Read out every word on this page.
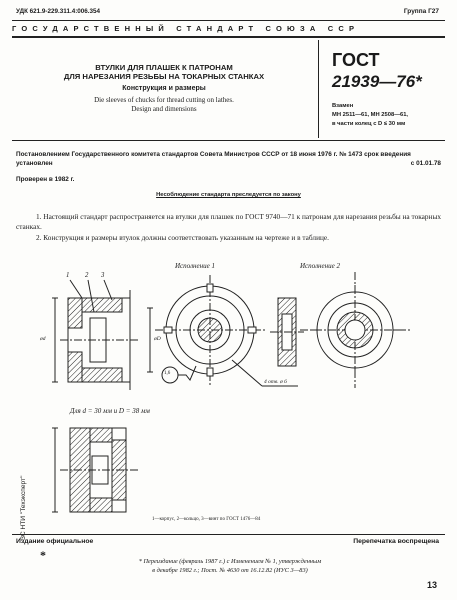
УДК 621.9-229.311.4:006.354	Группа Г27
ГОСУДАРСТВЕННЫЙ СТАНДАРТ СОЮЗА ССР
ВТУЛКИ ДЛЯ ПЛАШЕК К ПАТРОНАМ
ДЛЯ НАРЕЗАНИЯ РЕЗЬБЫ НА ТОКАРНЫХ СТАНКАХ
Конструкция и размеры
Die sleeves of chucks for thread cutting on lathes.
Design and dimensions
ГОСТ
21939—76*
Взамен
МН 2511—61, МН 2508—61,
в части колец с D ≤ 30 мм
Постановлением Государственного комитета стандартов Совета Министров СССР от 18 июня 1976 г. № 1473 срок введения установлен	с 01.01.78
Проверен в 1982 г.
Несоблюдение стандарта преследуется по закону
1. Настоящий стандарт распространяется на втулки для плашек по ГОСТ 9740—71 к патронам для нарезания резьбы на токарных станках.
2. Конструкция и размеры втулок должны соответствовать указанным на чертеже и в таблице.
Исполнение 1	Исполнение 2
Для d = 30 мм и D = 38 мм
1 2 3
1,6
4 отв. ø 6
ød	øD
1—корпус, 2—кольцо, 3—винт по ГОСТ 1476—84
ЗС НТИ "Техэксперт"
Издание официальное	Перепечатка воспрещена
*	* Переиздание (февраль 1987 г.) с Изменением № 1, утвержденным
в декабре 1982 г.; Пост. № 4630 от 16.12.82 (ИУС 3—83)
13
